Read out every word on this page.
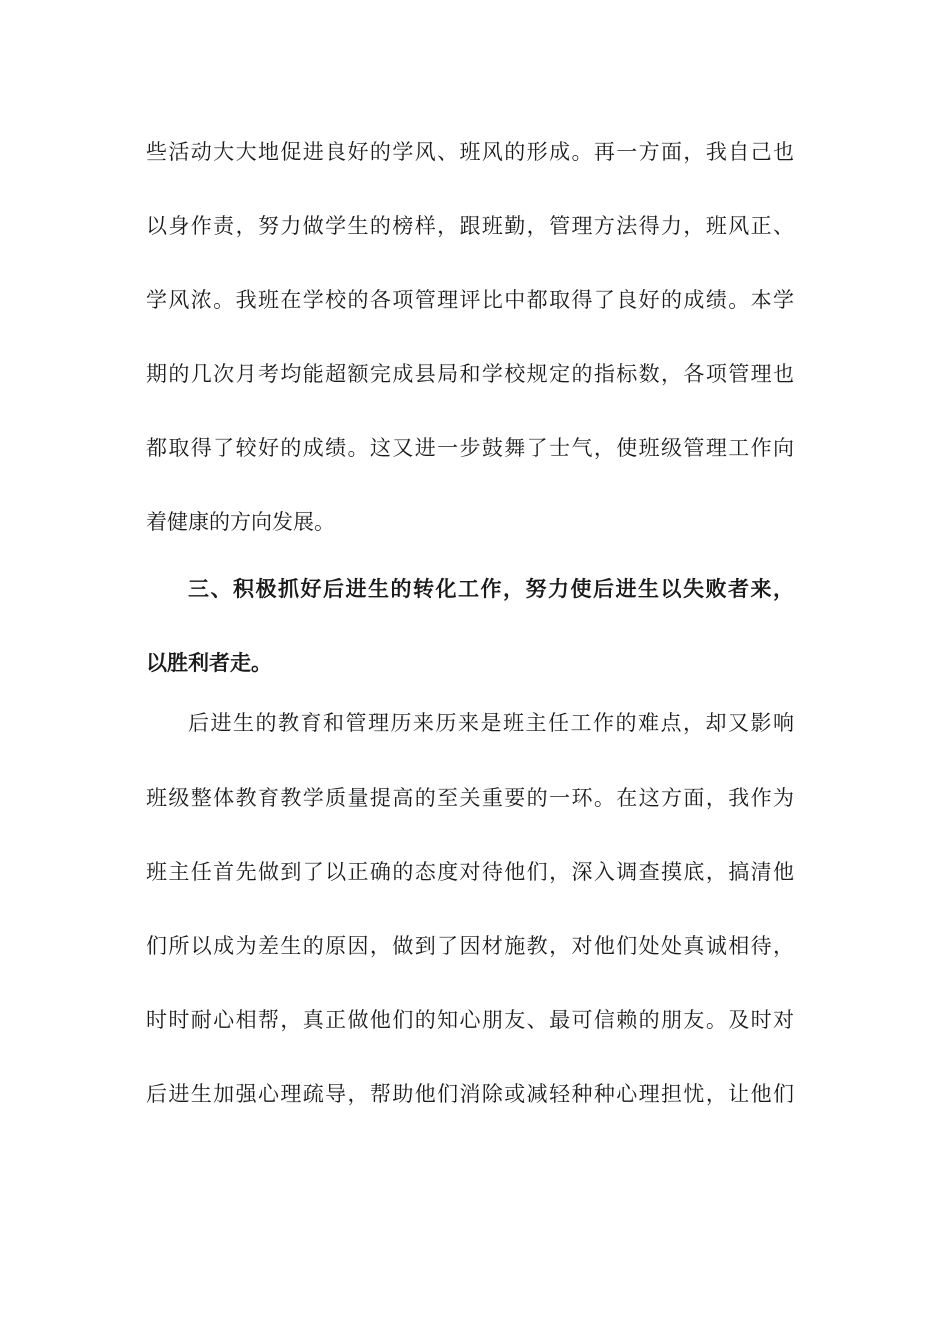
些活动大大地促进良好的学风、班风的形成。再一方面，我自己也
以身作责，努力做学生的榜样，跟班勤，管理方法得力，班风正、
学风浓。我班在学校的各项管理评比中都取得了良好的成绩。本学
期的几次月考均能超额完成县局和学校规定的指标数，各项管理也
都取得了较好的成绩。这又进一步鼓舞了士气，使班级管理工作向
着健康的方向发展。
三、积极抓好后进生的转化工作，努力使后进生以失败者来，
以胜利者走。
后进生的教育和管理历来历来是班主任工作的难点，却又影响
班级整体教育教学质量提高的至关重要的一环。在这方面，我作为
班主任首先做到了以正确的态度对待他们，深入调查摸底，搞清他
们所以成为差生的原因，做到了因材施教，对他们处处真诚相待，
时时耐心相帮，真正做他们的知心朋友、最可信赖的朋友。及时对
后进生加强心理疏导，帮助他们消除或减轻种种心理担忧，让他们
